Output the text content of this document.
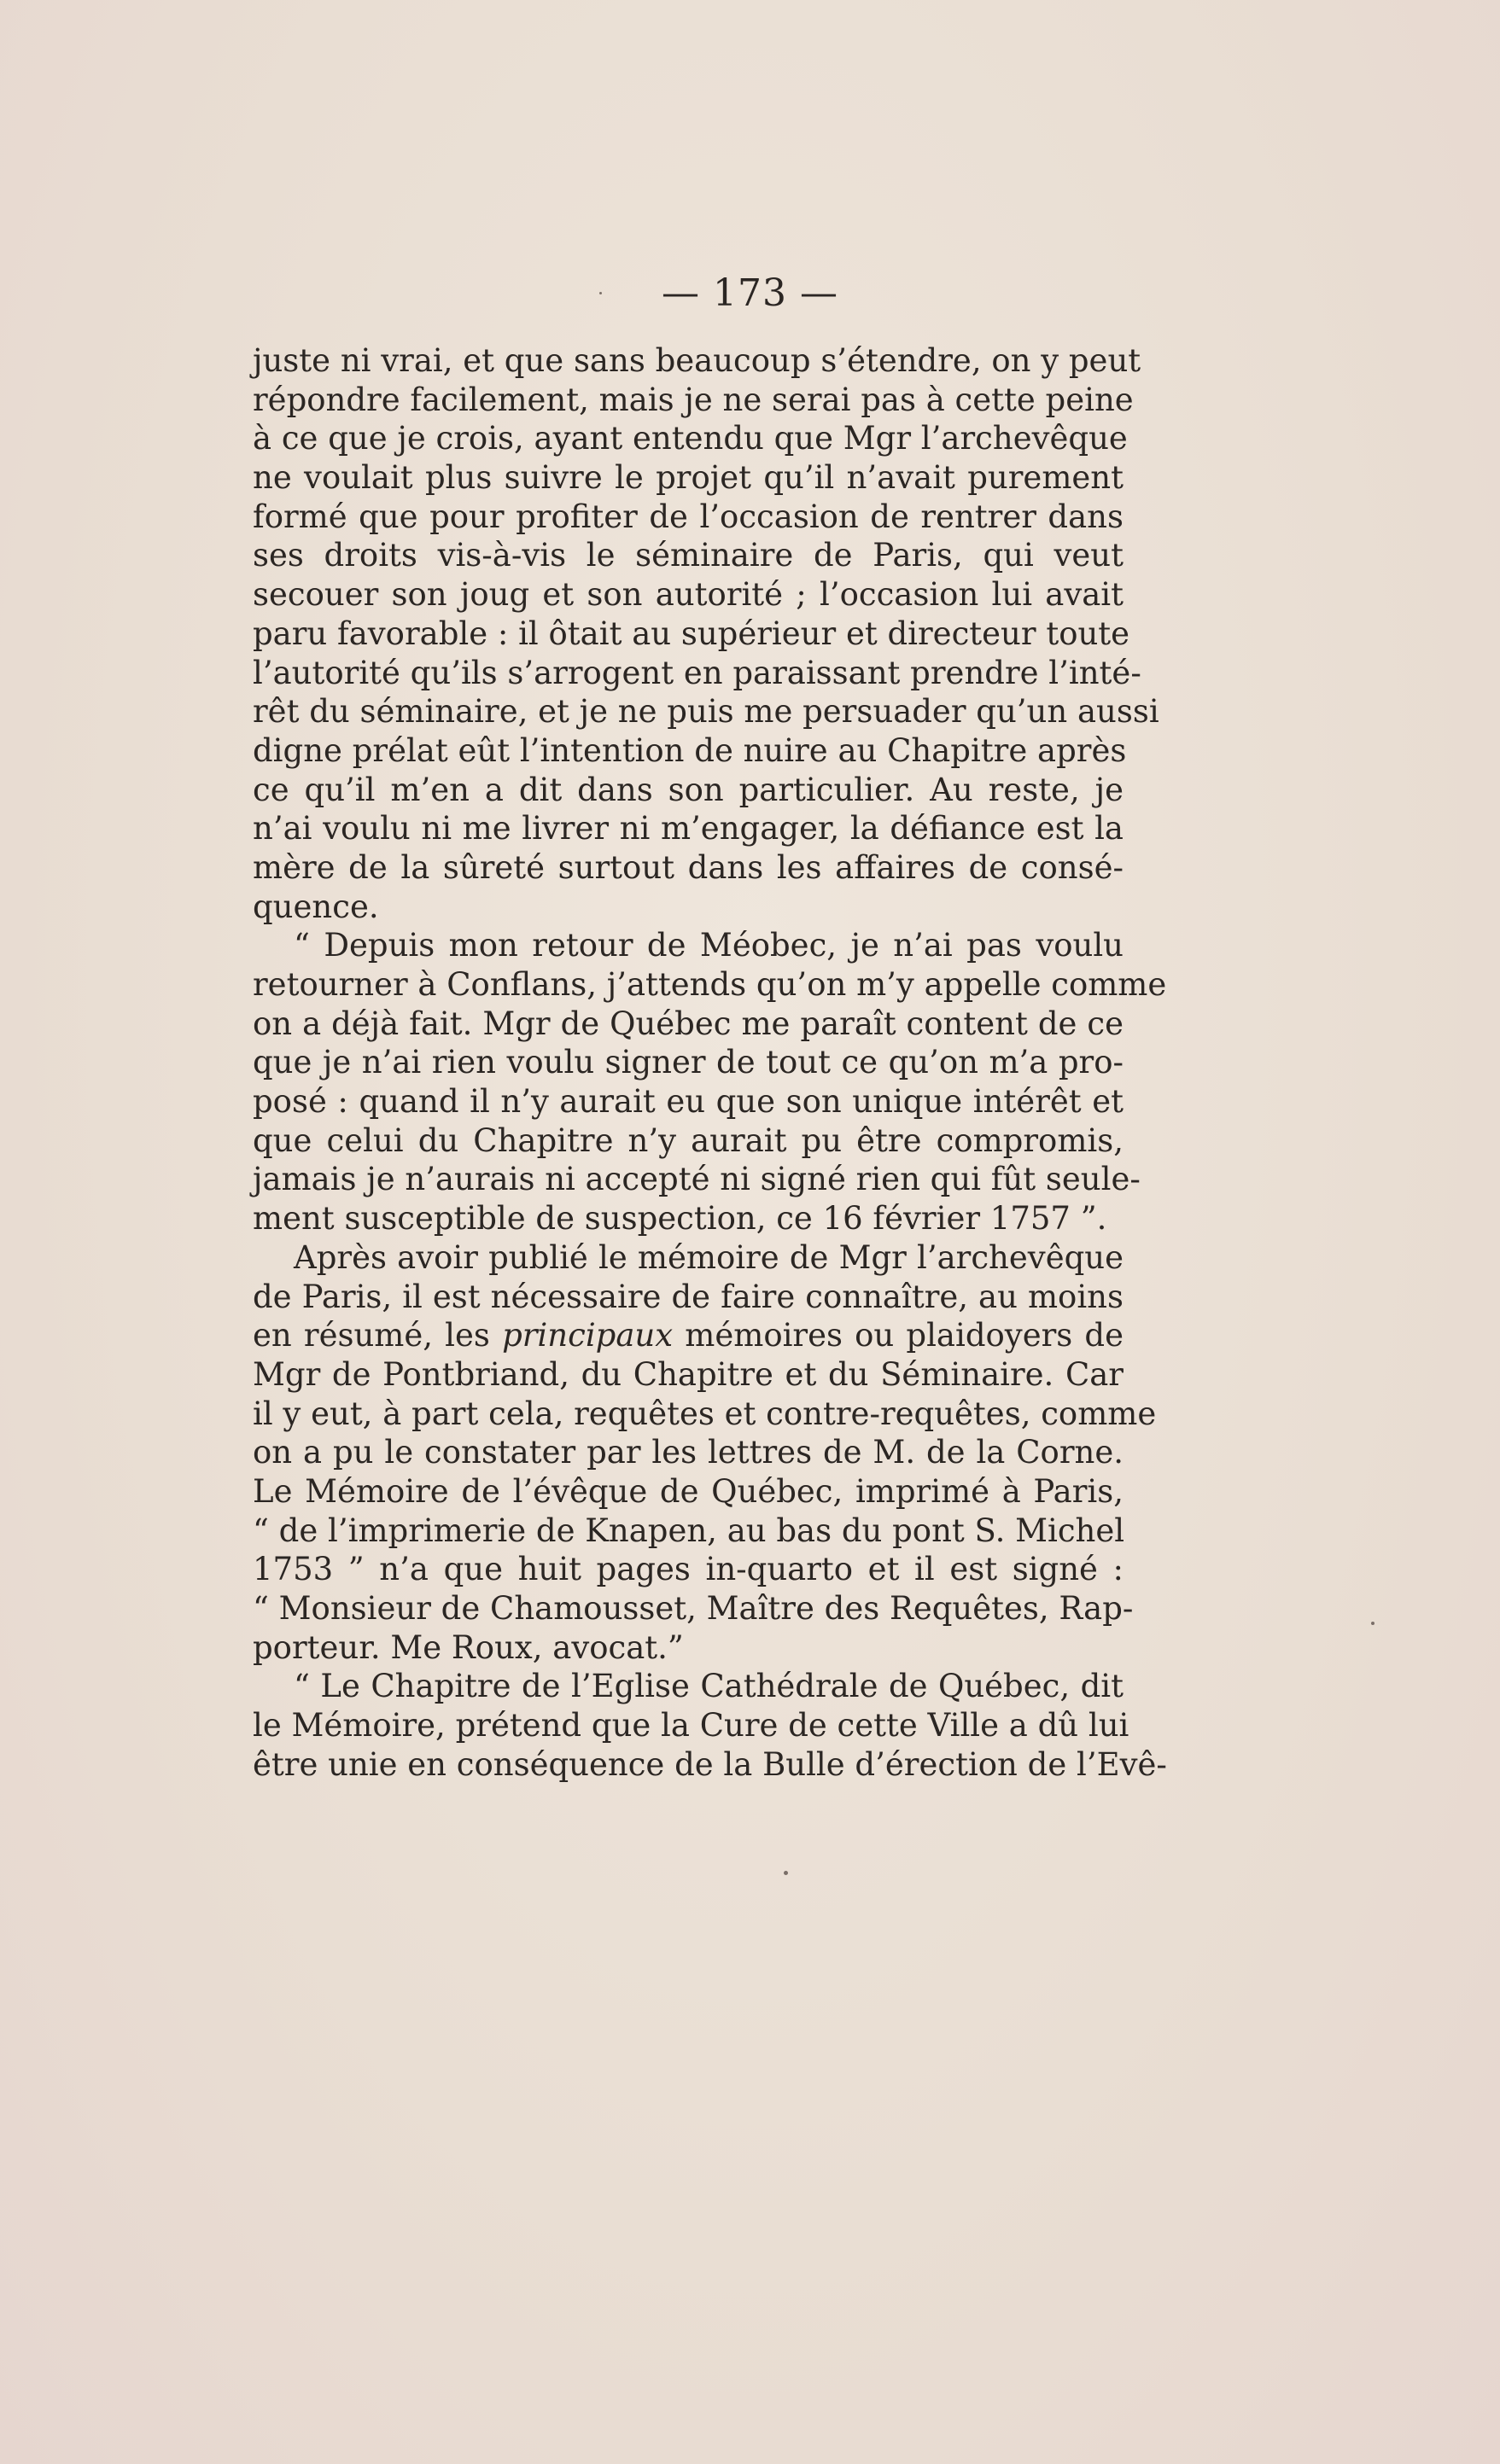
— 173 —
juste ni vrai, et que sans beaucoup s’étendre, on y peut
répondre facilement, mais je ne serai pas à cette peine
à ce que je crois, ayant entendu que Mgr l’archevêque
ne voulait plus suivre le projet qu’il n’avait purement
formé que pour profiter de l’occasion de rentrer dans
ses droits vis-à-vis le séminaire de Paris, qui veut
secouer son joug et son autorité ; l’occasion lui avait
paru favorable : il ôtait au supérieur et directeur toute
l’autorité qu’ils s’arrogent en paraissant prendre l’inté-
rêt du séminaire, et je ne puis me persuader qu’un aussi
digne prélat eût l’intention de nuire au Chapitre après
ce qu’il m’en a dit dans son particulier. Au reste, je
n’ai voulu ni me livrer ni m’engager, la défiance est la
mère de la sûreté surtout dans les affaires de consé-
quence.
“ Depuis mon retour de Méobec, je n’ai pas voulu
retourner à Conflans, j’attends qu’on m’y appelle comme
on a déjà fait. Mgr de Québec me paraît content de ce
que je n’ai rien voulu signer de tout ce qu’on m’a pro-
posé : quand il n’y aurait eu que son unique intérêt et
que celui du Chapitre n’y aurait pu être compromis,
jamais je n’aurais ni accepté ni signé rien qui fût seule-
ment susceptible de suspection, ce 16 février 1757 ”.
Après avoir publié le mémoire de Mgr l’archevêque
de Paris, il est nécessaire de faire connaître, au moins
en résumé, les principaux mémoires ou plaidoyers de
Mgr de Pontbriand, du Chapitre et du Séminaire. Car
il y eut, à part cela, requêtes et contre-requêtes, comme
on a pu le constater par les lettres de M. de la Corne.
Le Mémoire de l’évêque de Québec, imprimé à Paris,
“ de l’imprimerie de Knapen, au bas du pont S. Michel
1753 ” n’a que huit pages in-quarto et il est signé :
“ Monsieur de Chamousset, Maître des Requêtes, Rap-
porteur. Me Roux, avocat.”
“ Le Chapitre de l’Eglise Cathédrale de Québec, dit
le Mémoire, prétend que la Cure de cette Ville a dû lui
être unie en conséquence de la Bulle d’érection de l’Evê-
